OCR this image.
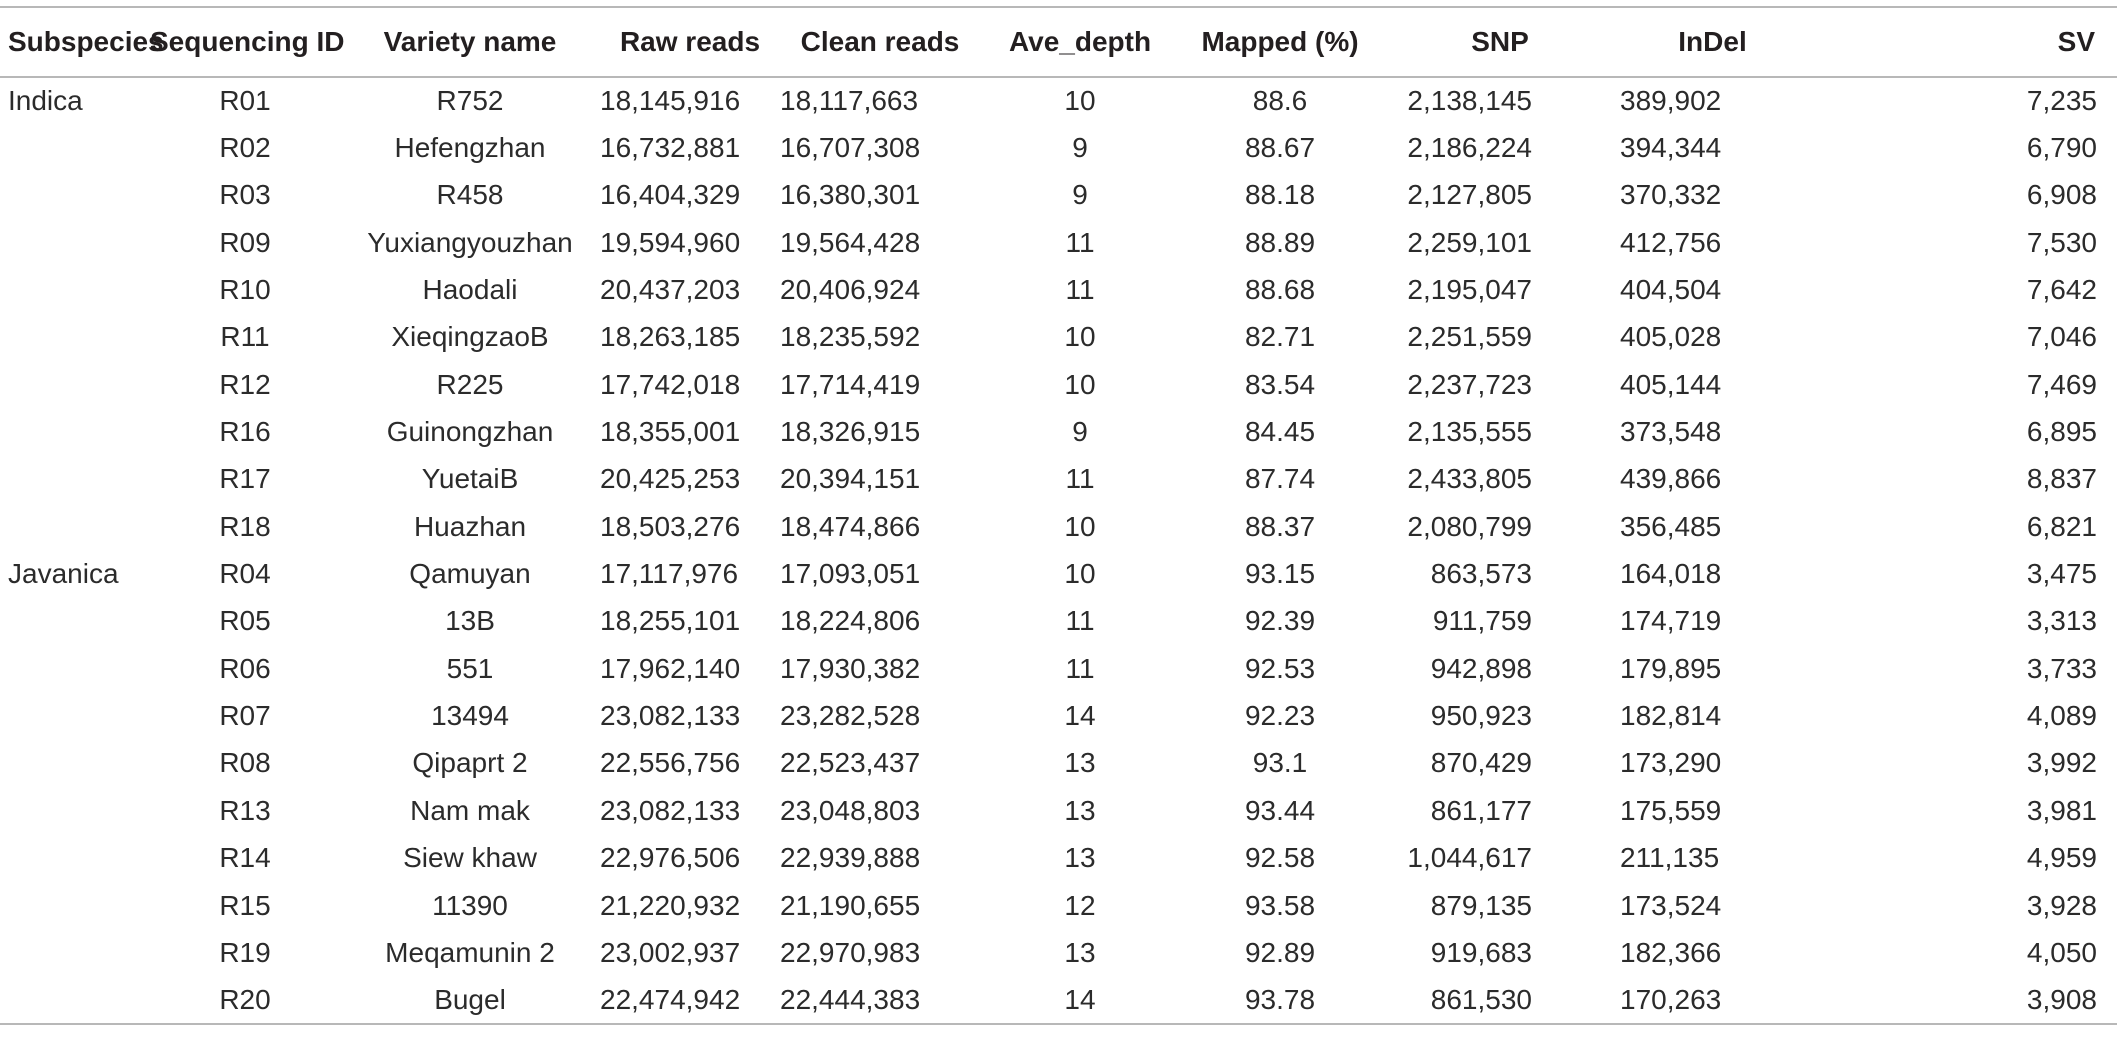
Subspecies	Sequencing ID	Variety name	Raw reads	Clean reads	Ave_depth	Mapped (%)	SNP	InDel	SV
Indica	R01	R752	18,145,916	18,117,663	10	88.6	2,138,145	389,902	7,235
	R02	Hefengzhan	16,732,881	16,707,308	9	88.67	2,186,224	394,344	6,790
	R03	R458	16,404,329	16,380,301	9	88.18	2,127,805	370,332	6,908
	R09	Yuxiangyouzhan	19,594,960	19,564,428	11	88.89	2,259,101	412,756	7,530
	R10	Haodali	20,437,203	20,406,924	11	88.68	2,195,047	404,504	7,642
	R11	XieqingzaoB	18,263,185	18,235,592	10	82.71	2,251,559	405,028	7,046
	R12	R225	17,742,018	17,714,419	10	83.54	2,237,723	405,144	7,469
	R16	Guinongzhan	18,355,001	18,326,915	9	84.45	2,135,555	373,548	6,895
	R17	YuetaiB	20,425,253	20,394,151	11	87.74	2,433,805	439,866	8,837
	R18	Huazhan	18,503,276	18,474,866	10	88.37	2,080,799	356,485	6,821
Javanica	R04	Qamuyan	17,117,976	17,093,051	10	93.15	863,573	164,018	3,475
	R05	13B	18,255,101	18,224,806	11	92.39	911,759	174,719	3,313
	R06	551	17,962,140	17,930,382	11	92.53	942,898	179,895	3,733
	R07	13494	23,082,133	23,282,528	14	92.23	950,923	182,814	4,089
	R08	Qipaprt 2	22,556,756	22,523,437	13	93.1	870,429	173,290	3,992
	R13	Nam mak	23,082,133	23,048,803	13	93.44	861,177	175,559	3,981
	R14	Siew khaw	22,976,506	22,939,888	13	92.58	1,044,617	211,135	4,959
	R15	11390	21,220,932	21,190,655	12	93.58	879,135	173,524	3,928
	R19	Meqamunin 2	23,002,937	22,970,983	13	92.89	919,683	182,366	4,050
	R20	Bugel	22,474,942	22,444,383	14	93.78	861,530	170,263	3,908
